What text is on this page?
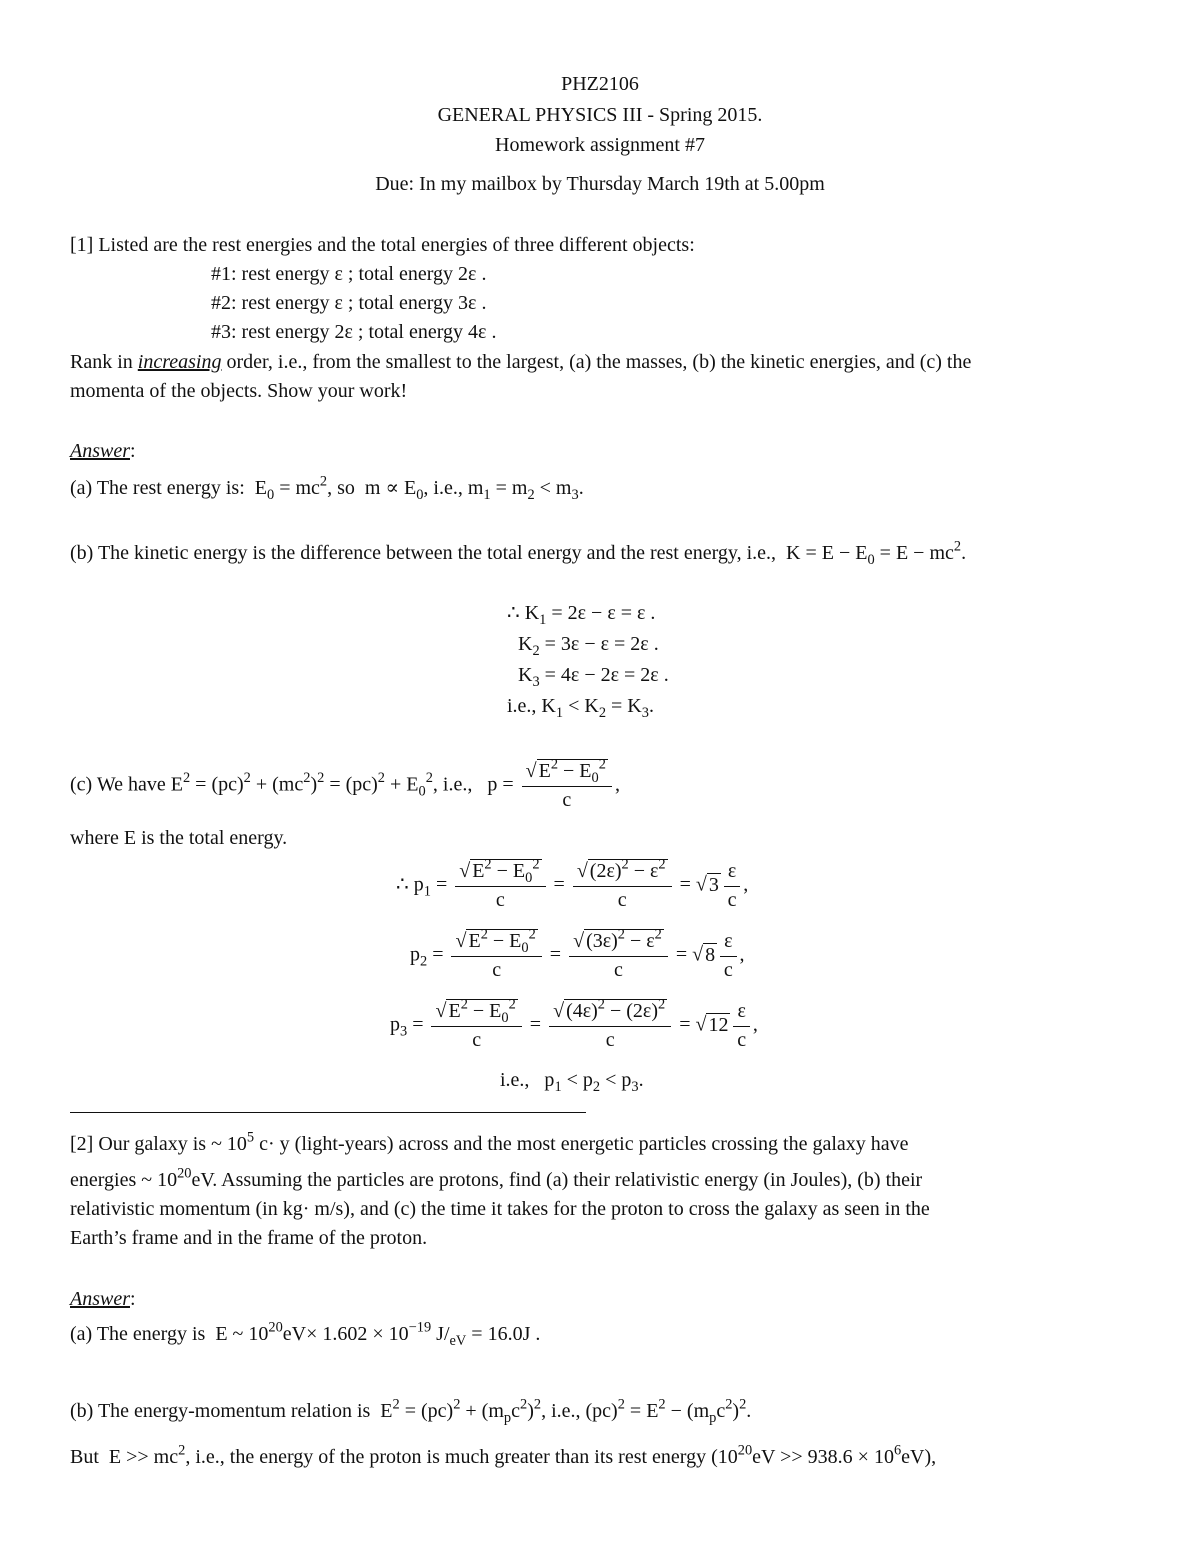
PHZ2106
GENERAL PHYSICS III - Spring 2015.
Homework assignment #7
Due: In my mailbox by Thursday March 19th at 5.00pm
[1] Listed are the rest energies and the total energies of three different objects:
#1: rest energy ε ; total energy 2ε .
#2: rest energy ε ; total energy 3ε .
#3: rest energy 2ε ; total energy 4ε .
Rank in increasing order, i.e., from the smallest to the largest, (a) the masses, (b) the kinetic energies, and (c) the
momenta of the objects. Show your work!
Answer:
(a) The rest energy is:  $E_0 = mc^2$, so  $m \propto E_0$, i.e., $m_1 = m_2 < m_3$.
(b) The kinetic energy is the difference between the total energy and the rest energy, i.e.,  $K = E - E_0 = E - mc^2$.
∴ $K_1 = 2\varepsilon - \varepsilon = \varepsilon$ .
$K_2 = 3\varepsilon - \varepsilon = 2\varepsilon$ .
$K_3 = 4\varepsilon - 2\varepsilon = 2\varepsilon$ .
i.e., $K_1 < K_2 = K_3$.
(c) We have $E^2 = (pc)^2 + (mc^2)^2 = (pc)^2 + E_0^2$, i.e.,   $p = \frac{√ E^2 - E_0^2}{c}$ ,
where E is the total energy.
∴ $p_1 = \frac{√ E^2 - E_0^2}{c} = \frac{√ (2\varepsilon)^2 - \varepsilon^2}{c}$ = √ $3 \frac{\varepsilon}{c}$ ,
$p_2 = \frac{√ E^2 - E_0^2}{c} = \frac{√ (3\varepsilon)^2 - \varepsilon^2}{c}$ = √ $8 \frac{\varepsilon}{c}$ ,
$p_3 = \frac{√ E^2 - E_0^2}{c} = \frac{√ (4\varepsilon)^2 - (2\varepsilon)^2}{c}$ = √ $12 \frac{\varepsilon}{c}$ ,
i.e.,   $p_1 < p_2 < p_3$.
[2] Our galaxy is ~ $10^5$ c· y (light-years) across and the most energetic particles crossing the galaxy have
energies ~ $10^{20}eV$. Assuming the particles are protons, find (a) their relativistic energy (in Joules), (b) their
relativistic momentum (in kg· m/s), and (c) the time it takes for the proton to cross the galaxy as seen in the
Earth’s frame and in the frame of the proton.
Answer:
(a) The energy is  E ~ $10^{20}eV\times 1.602 \times 10^{-19}$ $J/_{eV} = 16.0J$ .
(b) The energy-momentum relation is  $E^2 = (pc)^2 + (m_pc^2)^2$, i.e., $(pc)^2 = E^2 - (m_pc^2)^2$.
But  $E >> mc^2$, i.e., the energy of the proton is much greater than its rest energy $(10^{20}eV >> 938.6 \times 10^6eV)$,
